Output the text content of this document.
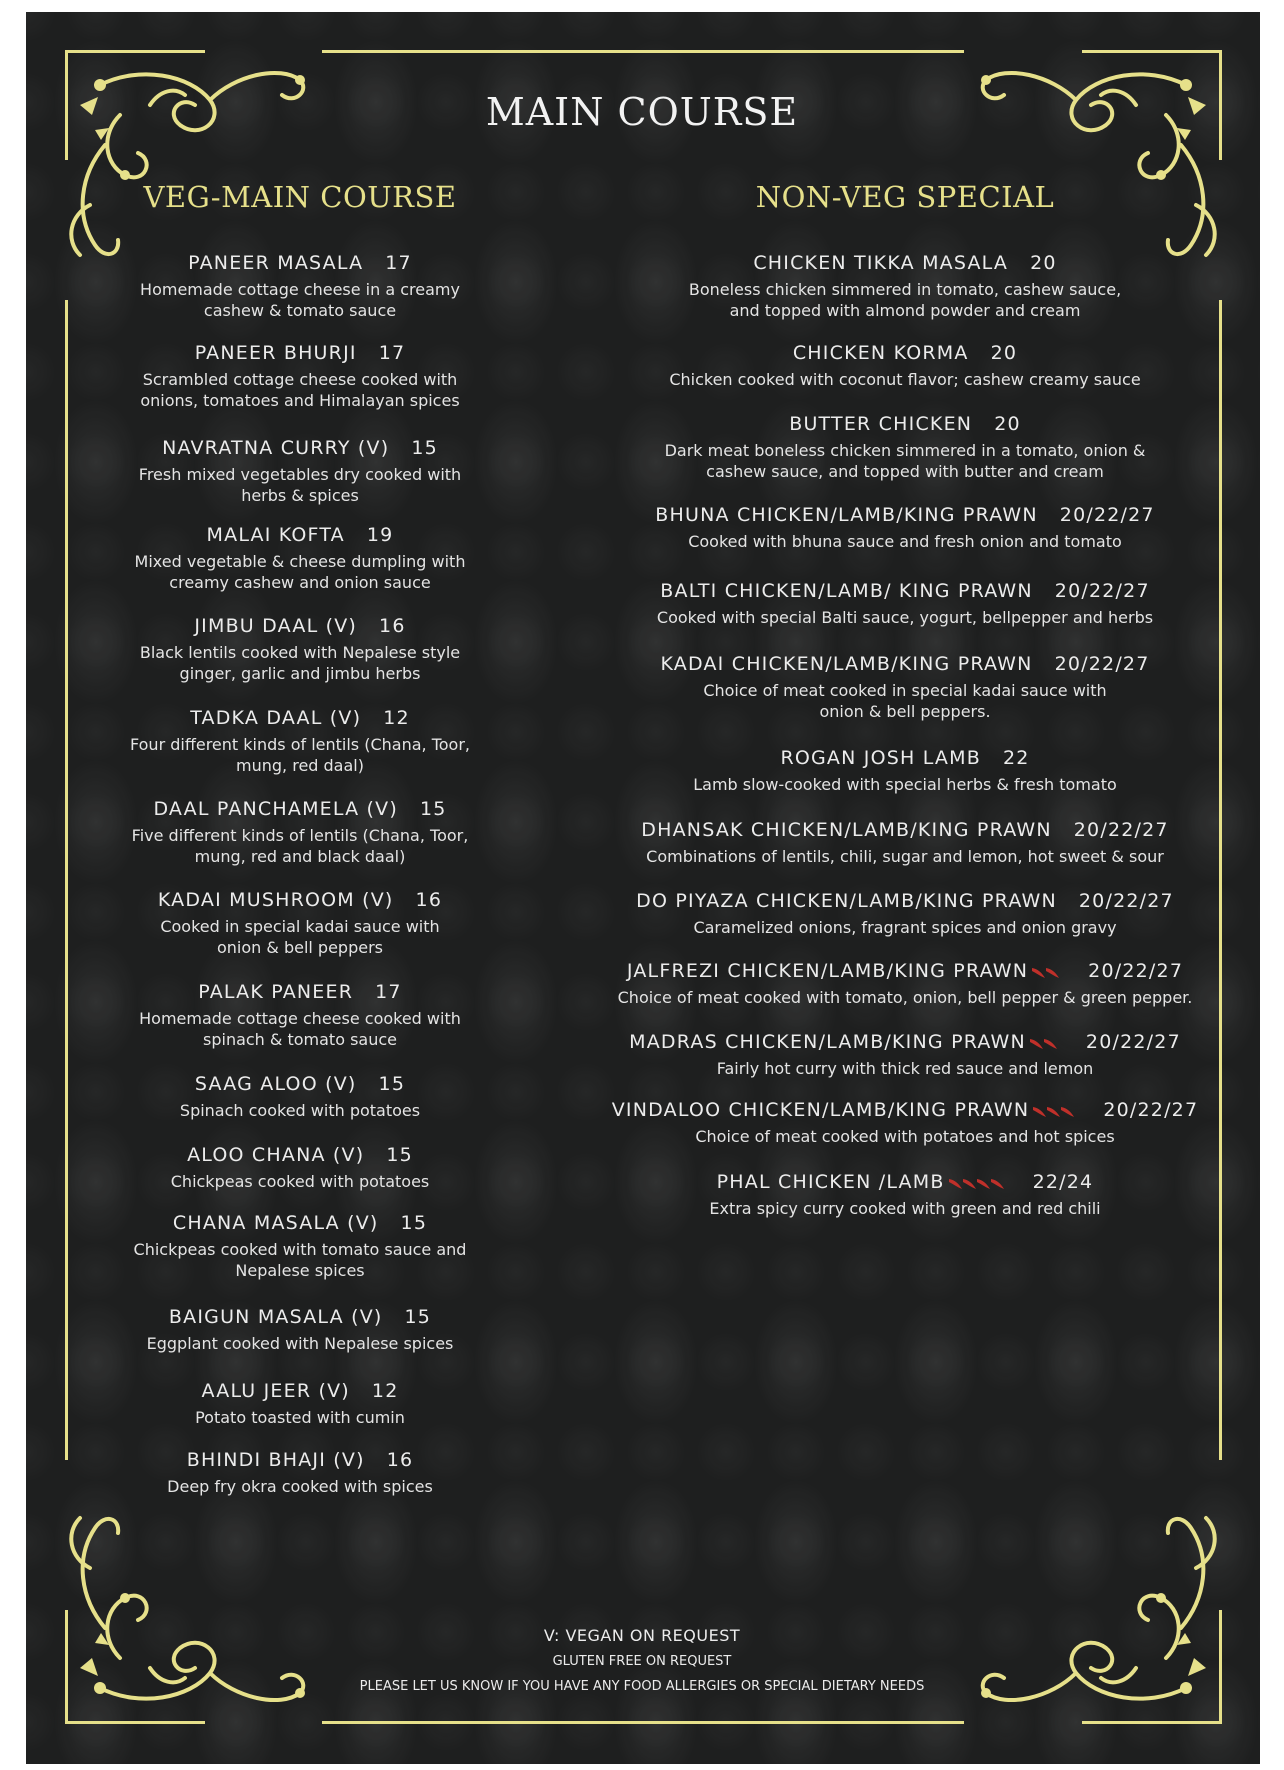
MAIN COURSE
VEG-MAIN COURSE	NON-VEG SPECIAL
PANEER MASALA 17
Homemade cottage cheese in a creamy
cashew & tomato sauce
PANEER BHURJI 17
Scrambled cottage cheese cooked with
onions, tomatoes and Himalayan spices
NAVRATNA CURRY (V) 15
Fresh mixed vegetables dry cooked with
herbs & spices
MALAI KOFTA 19
Mixed vegetable & cheese dumpling with
creamy cashew and onion sauce
JIMBU DAAL (V) 16
Black lentils cooked with Nepalese style
ginger, garlic and jimbu herbs
TADKA DAAL (V) 12
Four different kinds of lentils (Chana, Toor,
mung, red daal)
DAAL PANCHAMELA (V) 15
Five different kinds of lentils (Chana, Toor,
mung, red and black daal)
KADAI MUSHROOM (V) 16
Cooked in special kadai sauce with
onion & bell peppers
PALAK PANEER 17
Homemade cottage cheese cooked with
spinach & tomato sauce
SAAG ALOO (V) 15
Spinach cooked with potatoes
ALOO CHANA (V) 15
Chickpeas cooked with potatoes
CHANA MASALA (V) 15
Chickpeas cooked with tomato sauce and
Nepalese spices
BAIGUN MASALA (V) 15
Eggplant cooked with Nepalese spices
AALU JEER (V) 12
Potato toasted with cumin
BHINDI BHAJI (V) 16
Deep fry okra cooked with spices
CHICKEN TIKKA MASALA 20
Boneless chicken simmered in tomato, cashew sauce,
and topped with almond powder and cream
CHICKEN KORMA 20
Chicken cooked with coconut flavor; cashew creamy sauce
BUTTER CHICKEN 20
Dark meat boneless chicken simmered in a tomato, onion &
cashew sauce, and topped with butter and cream
BHUNA CHICKEN/LAMB/KING PRAWN 20/22/27
Cooked with bhuna sauce and fresh onion and tomato
BALTI CHICKEN/LAMB/ KING PRAWN 20/22/27
Cooked with special Balti sauce, yogurt, bellpepper and herbs
KADAI CHICKEN/LAMB/KING PRAWN 20/22/27
Choice of meat cooked in special kadai sauce with
onion & bell peppers.
ROGAN JOSH LAMB 22
Lamb slow-cooked with special herbs & fresh tomato
DHANSAK CHICKEN/LAMB/KING PRAWN 20/22/27
Combinations of lentils, chili, sugar and lemon, hot sweet & sour
DO PIYAZA CHICKEN/LAMB/KING PRAWN 20/22/27
Caramelized onions, fragrant spices and onion gravy
JALFREZI CHICKEN/LAMB/KING PRAWN	20/22/27
Choice of meat cooked with tomato, onion, bell pepper & green pepper.
MADRAS CHICKEN/LAMB/KING PRAWN	20/22/27
Fairly hot curry with thick red sauce and lemon
VINDALOO CHICKEN/LAMB/KING PRAWN	20/22/27
Choice of meat cooked with potatoes and hot spices
PHAL CHICKEN /LAMB	22/24
Extra spicy curry cooked with green and red chili
V: VEGAN ON REQUEST
GLUTEN FREE ON REQUEST
PLEASE LET US KNOW IF YOU HAVE ANY FOOD ALLERGIES OR SPECIAL DIETARY NEEDS
